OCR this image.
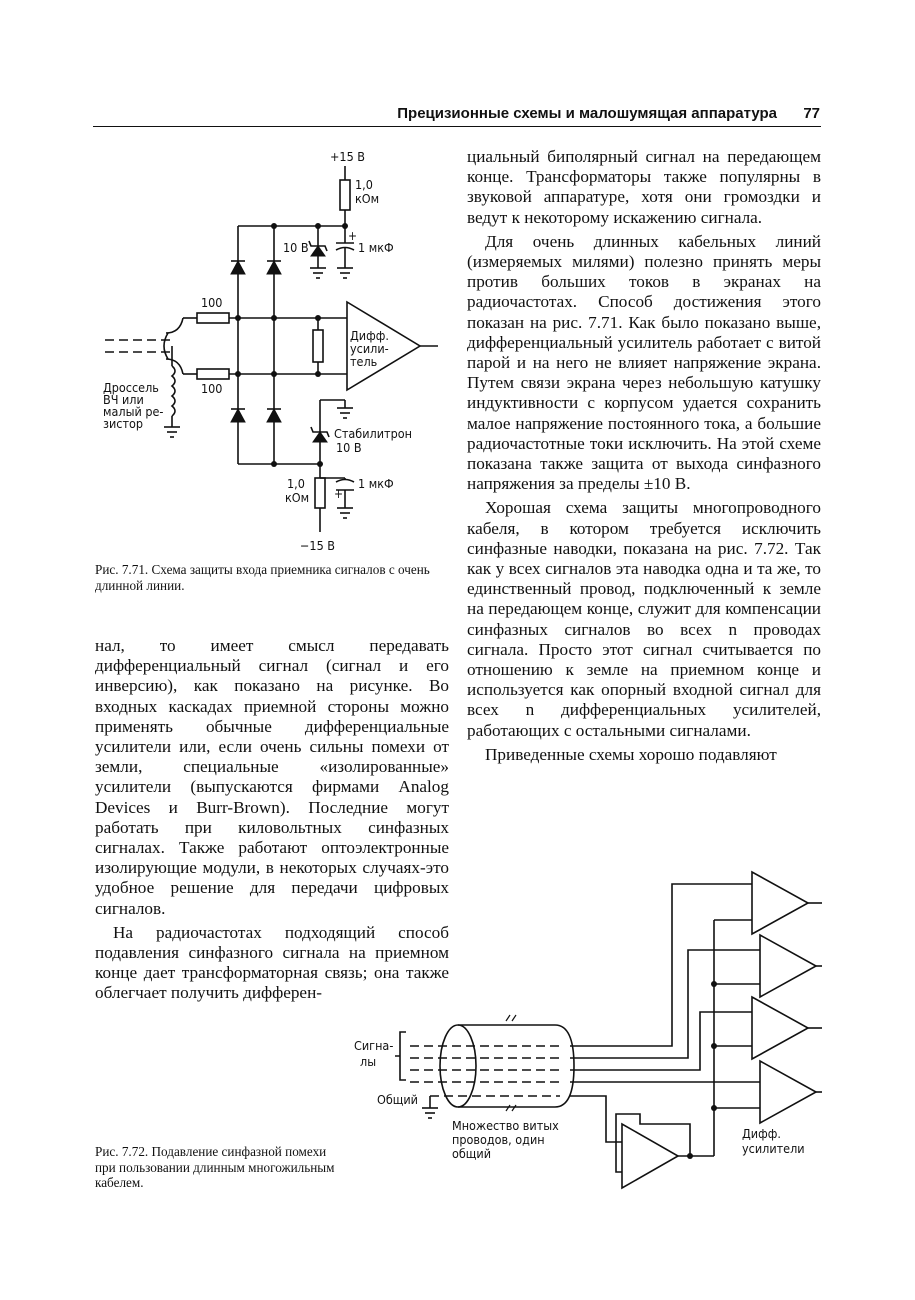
Прецизионные схемы и малошумящая аппаратура 77
+15 В
1,0
кОм
10 В
+
1 мкФ
100
100
Дифф.
усили-
тель
Дроссель
ВЧ или
малый ре-
зистор
Стабилитрон
10 В
+
1 мкФ
1,0
кОм
−15 В
Рис. 7.71. Схема защиты входа приемника сигналов с очень длинной линии.

циальный биполярный сигнал на передающем конце. Трансформаторы также популярны в звуковой аппаратуре, хотя они громоздки и ведут к некоторому искажению сигнала.

Для очень длинных кабельных линий (измеряемых милями) полезно принять меры против больших токов в экранах на радиочастотах. Способ достижения этого показан на рис. 7.71. Как было показано выше, дифференциальный усилитель работает с витой парой и на него не влияет напряжение экрана. Путем связи экрана через небольшую катушку индуктивности с корпусом удается сохранить малое напряжение постоянного тока, а большие радиочастотные токи исключить. На этой схеме показана также защита от выхода синфазного напряжения за пределы ±10 В.

Хорошая схема защиты многопроводного кабеля, в котором требуется исключить синфазные наводки, показана на рис. 7.72. Так как у всех сигналов эта наводка одна и та же, то единственный провод, подключенный к земле на передающем конце, служит для компенсации синфазных сигналов во всех n проводах сигнала. Просто этот сигнал считывается по отношению к земле на приемном конце и используется как опорный входной сигнал для всех n дифференциальных усилителей, работающих с остальными сигналами.

Приведенные схемы хорошо подавляют

нал, то имеет смысл передавать дифференциальный сигнал (сигнал и его инверсию), как показано на рисунке. Во входных каскадах приемной стороны можно применять обычные дифференциальные усилители или, если очень сильны помехи от земли, специальные «изолированные» усилители (выпускаются фирмами Analog Devices и Burr-Brown). Последние могут работать при киловольтных синфазных сигналах. Также работают оптоэлектронные изолирующие модули, в некоторых случаях-это удобное решение для передачи цифровых сигналов.

На радиочастотах подходящий способ подавления синфазного сигнала на приемном конце дает трансформаторная связь; она также облегчает получить дифферен-

Сигна-
лы
Общий
Множество витых
проводов, один
общий
Дифф.
усилители
Рис. 7.72. Подавление синфазной помехи при пользовании длинным многожильным кабелем.
